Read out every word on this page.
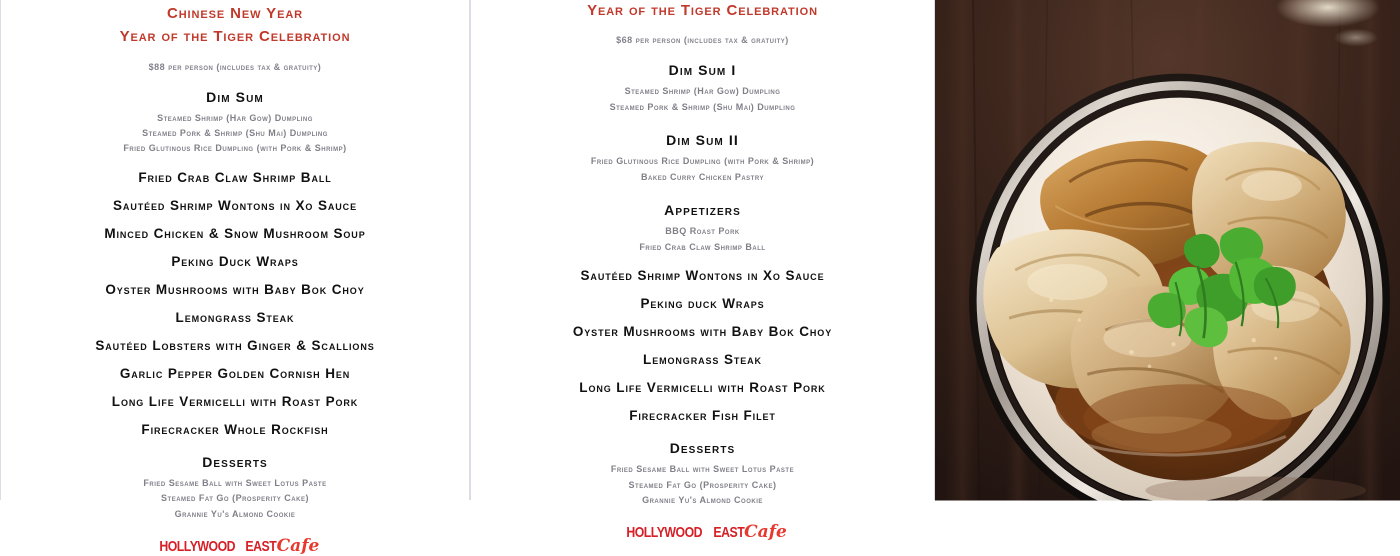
Chinese New Year
Year of the Tiger Celebration
$88 per person (includes tax & gratuity)
Dim Sum
Steamed Shrimp (Har Gow) Dumpling
Steamed Pork & Shrimp (Shu Mai) Dumpling
Fried Glutinous Rice Dumpling (with Pork & Shrimp)
Fried Crab Claw Shrimp Ball
Sautéed Shrimp Wontons in Xo Sauce
Minced Chicken & Snow Mushroom Soup
Peking Duck Wraps
Oyster Mushrooms with Baby Bok Choy
Lemongrass Steak
Sautéed Lobsters with Ginger & Scallions
Garlic Pepper Golden Cornish Hen
Long Life Vermicelli with Roast Pork
Firecracker Whole Rockfish
Desserts
Fried Sesame Ball with Sweet Lotus Paste
Steamed Fat Go (Prosperity Cake)
Grannie Yu's Almond Cookie
HOLLYWOOD EASTCafe
Year of the Tiger Celebration
$68 per person (includes tax & gratuity)
Dim Sum I
Steamed Shrimp (Har Gow) Dumpling
Steamed Pork & Shrimp (Shu Mai) Dumpling
Dim Sum II
Fried Glutinous Rice Dumpling (with Pork & Shrimp)
Baked Curry Chicken Pastry
Appetizers
BBQ Roast Pork
Fried Crab Claw Shrimp Ball
Sautéed Shrimp Wontons in Xo Sauce
Peking duck Wraps
Oyster Mushrooms with Baby Bok Choy
Lemongrass Steak
Long Life Vermicelli with Roast Pork
Firecracker Fish Filet
Desserts
Fried Sesame Ball with Sweet Lotus Paste
Steamed Fat Go (Prosperity Cake)
Grannie Yu's Almond Cookie
HOLLYWOOD EASTCafe
